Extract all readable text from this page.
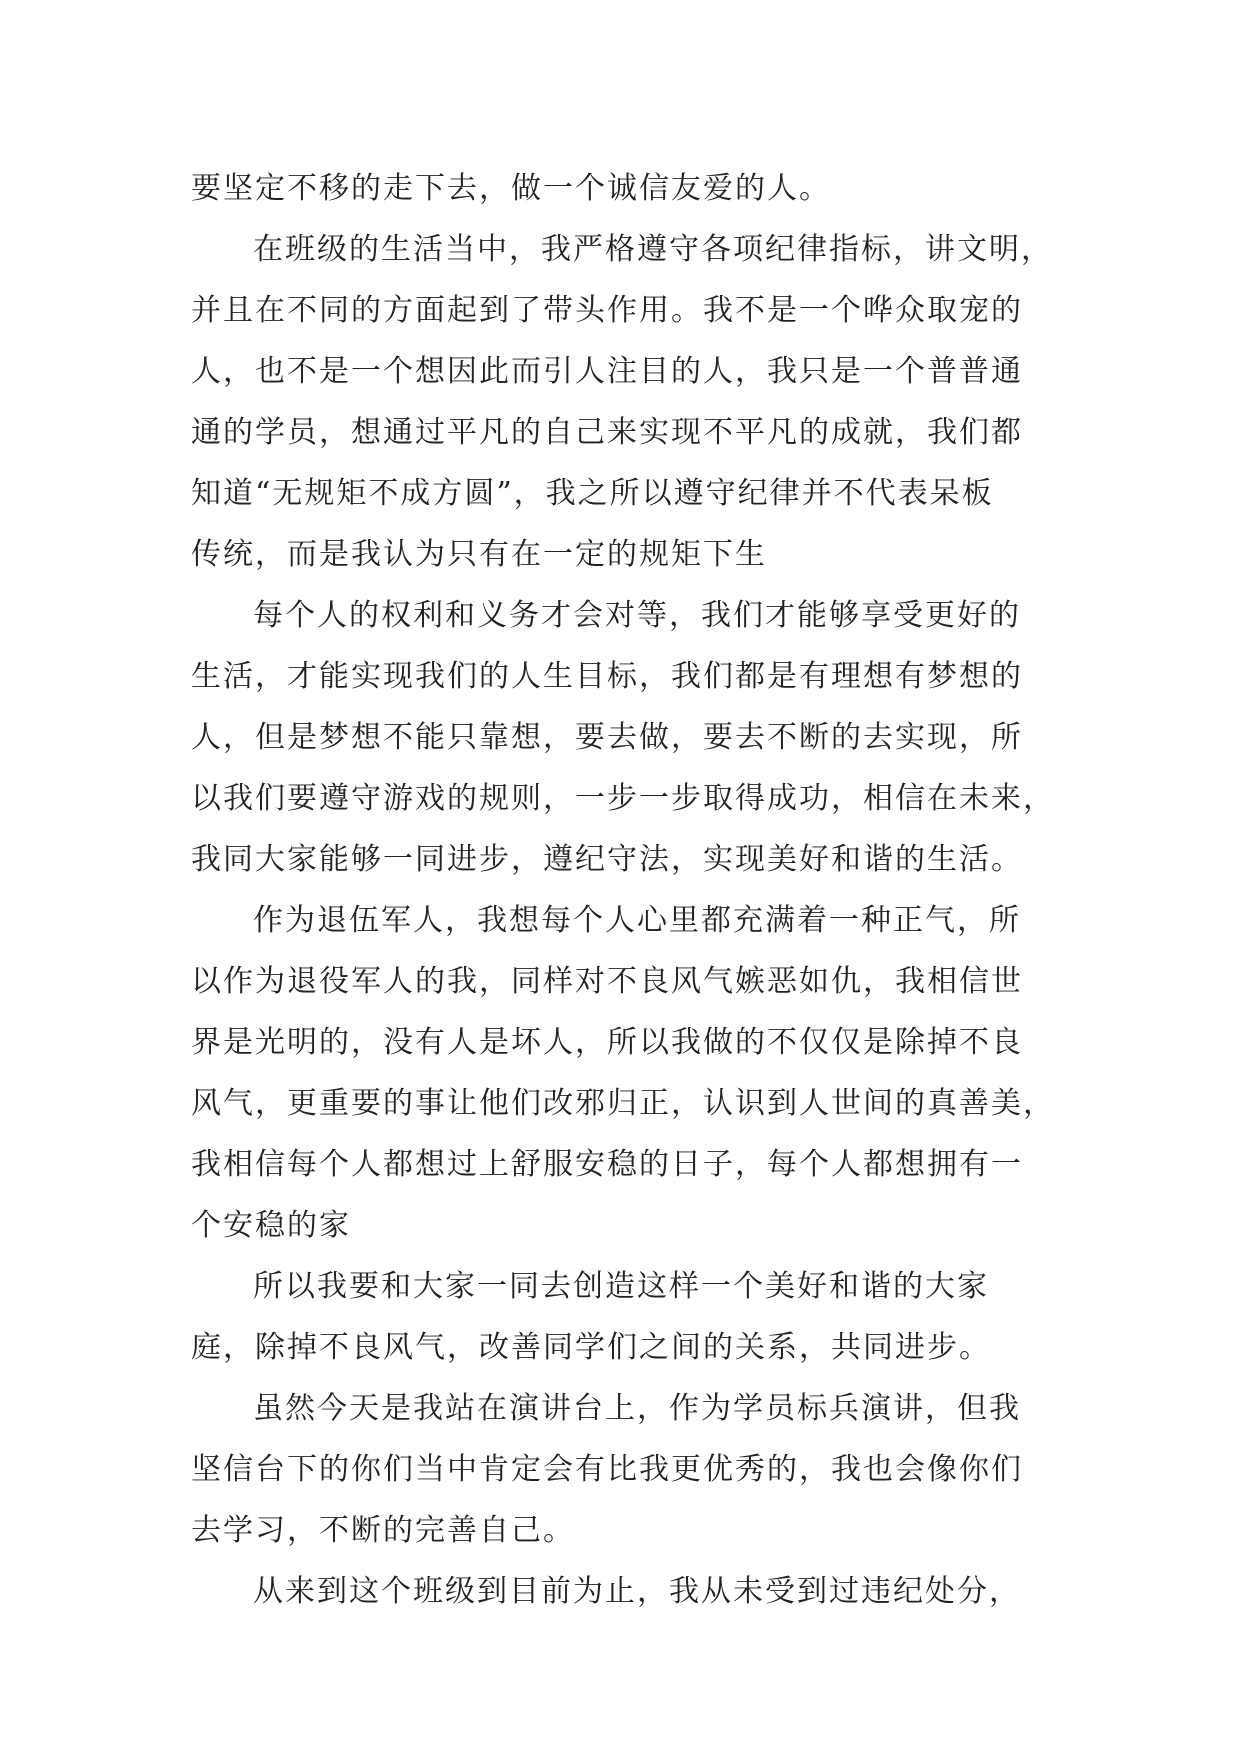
要坚定不移的走下去，做一个诚信友爱的人。
在班级的生活当中，我严格遵守各项纪律指标，讲文明，
并且在不同的方面起到了带头作用。我不是一个哗众取宠的
人，也不是一个想因此而引人注目的人，我只是一个普普通
通的学员，想通过平凡的自己来实现不平凡的成就，我们都
知道“无规矩不成方圆”，我之所以遵守纪律并不代表呆板
传统，而是我认为只有在一定的规矩下生
每个人的权利和义务才会对等，我们才能够享受更好的
生活，才能实现我们的人生目标，我们都是有理想有梦想的
人，但是梦想不能只靠想，要去做，要去不断的去实现，所
以我们要遵守游戏的规则，一步一步取得成功，相信在未来，
我同大家能够一同进步，遵纪守法，实现美好和谐的生活。
作为退伍军人，我想每个人心里都充满着一种正气，所
以作为退役军人的我，同样对不良风气嫉恶如仇，我相信世
界是光明的，没有人是坏人，所以我做的不仅仅是除掉不良
风气，更重要的事让他们改邪归正，认识到人世间的真善美，
我相信每个人都想过上舒服安稳的日子，每个人都想拥有一
个安稳的家
所以我要和大家一同去创造这样一个美好和谐的大家
庭，除掉不良风气，改善同学们之间的关系，共同进步。
虽然今天是我站在演讲台上，作为学员标兵演讲，但我
坚信台下的你们当中肯定会有比我更优秀的，我也会像你们
去学习，不断的完善自己。
从来到这个班级到目前为止，我从未受到过违纪处分，
